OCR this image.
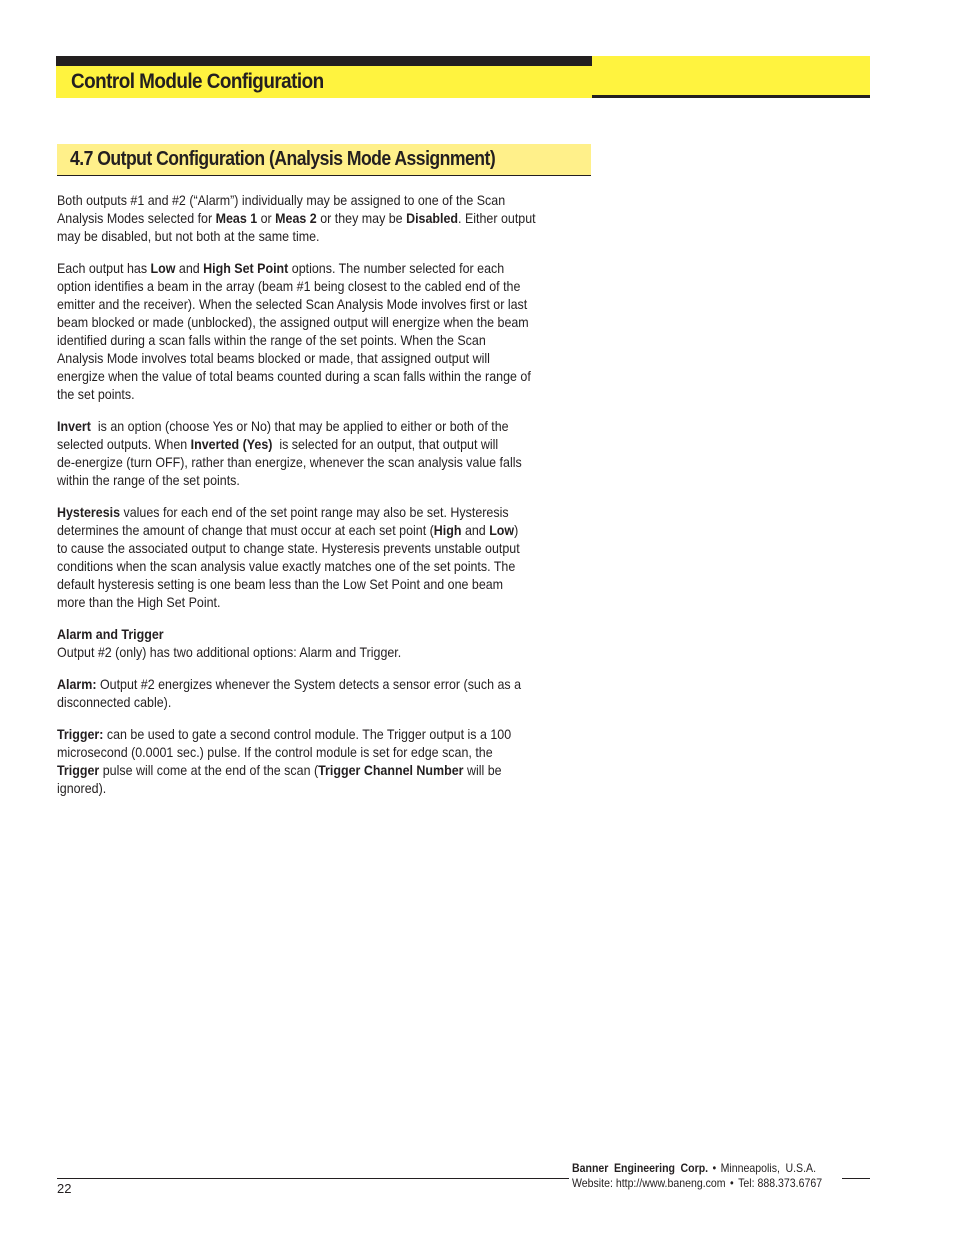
Control Module Configuration
4.7 Output Configuration (Analysis Mode Assignment)

Both outputs #1 and #2 (“Alarm”) individually may be assigned to one of the Scan
Analysis Modes selected for Meas 1 or Meas 2 or they may be Disabled. Either output
may be disabled, but not both at the same time.

Each output has Low and High Set Point options. The number selected for each
option identifies a beam in the array (beam #1 being closest to the cabled end of the
emitter and the receiver). When the selected Scan Analysis Mode involves first or last
beam blocked or made (unblocked), the assigned output will energize when the beam
identified during a scan falls within the range of the set points. When the Scan
Analysis Mode involves total beams blocked or made, that assigned output will
energize when the value of total beams counted during a scan falls within the range of
the set points.

Invert  is an option (choose Yes or No) that may be applied to either or both of the
selected outputs. When Inverted (Yes)  is selected for an output, that output will
de-energize (turn OFF), rather than energize, whenever the scan analysis value falls
within the range of the set points.

Hysteresis values for each end of the set point range may also be set. Hysteresis
determines the amount of change that must occur at each set point (High and Low)
to cause the associated output to change state. Hysteresis prevents unstable output
conditions when the scan analysis value exactly matches one of the set points. The
default hysteresis setting is one beam less than the Low Set Point and one beam
more than the High Set Point.

Alarm and Trigger
Output #2 (only) has two additional options: Alarm and Trigger.

Alarm: Output #2 energizes whenever the System detects a sensor error (such as a
disconnected cable).

Trigger: can be used to gate a second control module. The Trigger output is a 100
microsecond (0.0001 sec.) pulse. If the control module is set for edge scan, the
Trigger pulse will come at the end of the scan (Trigger Channel Number will be
ignored).

Banner Engineering Corp. • Minneapolis, U.S.A.
Website: http://www.baneng.com • Tel: 888.373.6767
22
